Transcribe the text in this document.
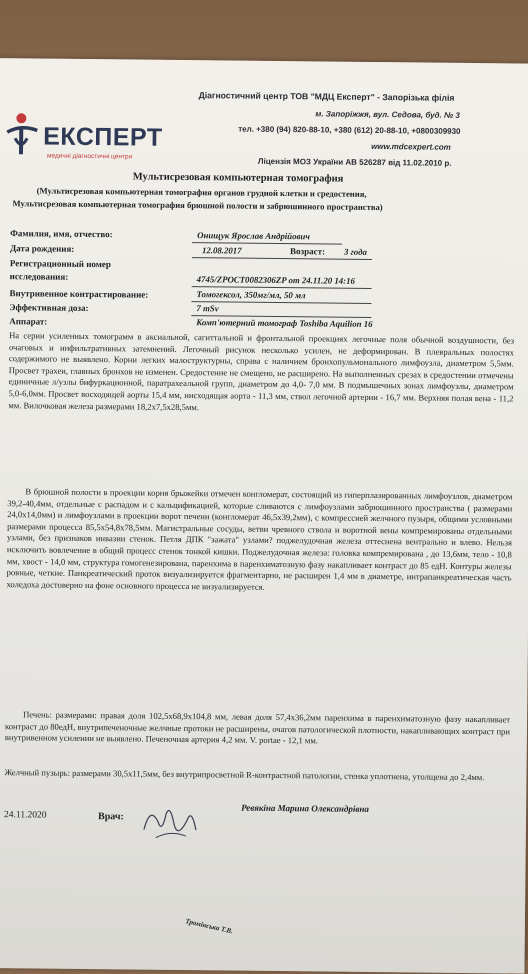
ЕКСПЕРТ
медичні діагностичні центри
Діагностичний центр ТОВ "МДЦ Експерт" - Запорізька філія
м. Запоріжжя, вул. Седова, буд. № 3
тел. +380 (94) 820-88-10, +380 (612) 20-88-10, +0800309930
www.mdcexpert.com
Ліцензія МОЗ України АВ 526287 від 11.02.2010 р.
Мультисрезовая компьютерная томография
(Мультисрезовая компьютерная томография органов грудной клетки и средостения,
Мультисрезовая компьютерная томография брюшной полости и забрюшинного пространства)
Фамилия, имя, отчество:	Онищук Ярослав Андрійович
Дата рождения:	12.08.2017	Возраст: 3 года
Регистрационный номер
исследования:	4745/ZPOCT0082306ZP от 24.11.20 14:16
Внутривенное контрастирование:	Томогексол, 350мг/мл, 50 мл
Эффективная доза:	7 mSv
Аппарат:	Комп'ютерний томограф Toshiba Aquilion 16
На серии усиленных томограмм в аксиальной, сагиттальной и фронтальной проекциях легочные поля обычной воздушности, без очаговых и инфильтративных затемнений. Легочный рисунок несколько усилен, не деформирован. В плевральных полостях содержимого не выявлено. Корни легких малоструктурны, справа с наличием бронхопульмонального лимфоузла, диаметром 5,5мм. Просвет трахеи, главных бронхов не изменен. Средостение не смещено, не расширено. На выполненных срезах в средостении отмечены единичные л/узлы бифуркационной, паратрахеальной групп, диаметром до 4,0- 7,0 мм. В подмышечных зонах лимфоузлы, диаметром 5,0-6,0мм. Просвет восходящей аорты 15,4 мм, нисходящая аорта - 11,3 мм, ствол легочной артерии - 16,7 мм. Верхняя полая вена - 11,2 мм. Вилочковая железа размерами 18,2х7,5х28,5мм.
В брюшной полости в проекции корня брыжейки отмечен конгломерат, состоящий из гиперплазированных лимфоузлов, диаметром 39,2-40,4мм, отдельные с распадом и с кальцификацией, которые сливаются с лимфоузлами забрюшинного пространства ( размерами 24,0х14,0мм) и лимфоузлами в проекции ворот печени (конгломерат 46,5х39,2мм), с компрессией желчного пузыря, общими условными размерами процесса 85,5х54,8х78,5мм. Магистральные сосуды, ветви чревного ствола и воротной вены компремированы отдельными узлами, без признаков инвазии стенок. Петля ДПК "зажата" узлами? поджелудочная железа оттеснена вентрально и влево. Нельзя исключить вовлечение в общий процесс стенок тонкой кишки. Поджелудочная железа: головка компремирована , до 13,6мм, тело - 10,8 мм, хвост - 14,0 мм, структура гомогенезирована, паренхима в паренхиматозную фазу накапливает контраст до 85 едН. Контуры железы ровные, четкие. Панкреатический проток визуализируется фрагментарно, не расширен 1,4 мм в диаметре, интрапанкреатическая часть холедоха достоверно на фоне основного процесса не визуализируется.
Печень: размерами: правая доля 102,5х68,9х104,8 мм, левая доля 57,4х36,2мм паренхима в паренхиматозную фазу накапливает контраст до 80едН, внутрипеченочные желчные протоки не расширены, очагов патологической плотности, накапливающих контраст при внутривенном усилении не выявлено. Печеночная артерия 4,2 мм. V. portae - 12,1 мм.
Желчный пузырь: размерами 30,5х11,5мм, без внутрипросветной R-контрастной патологии, стенка уплотнена, утолщена до 2,4мм.
24.11.2020	Врач:
Ревякіна Марина Олександрівна
Тромінська Т.В.
